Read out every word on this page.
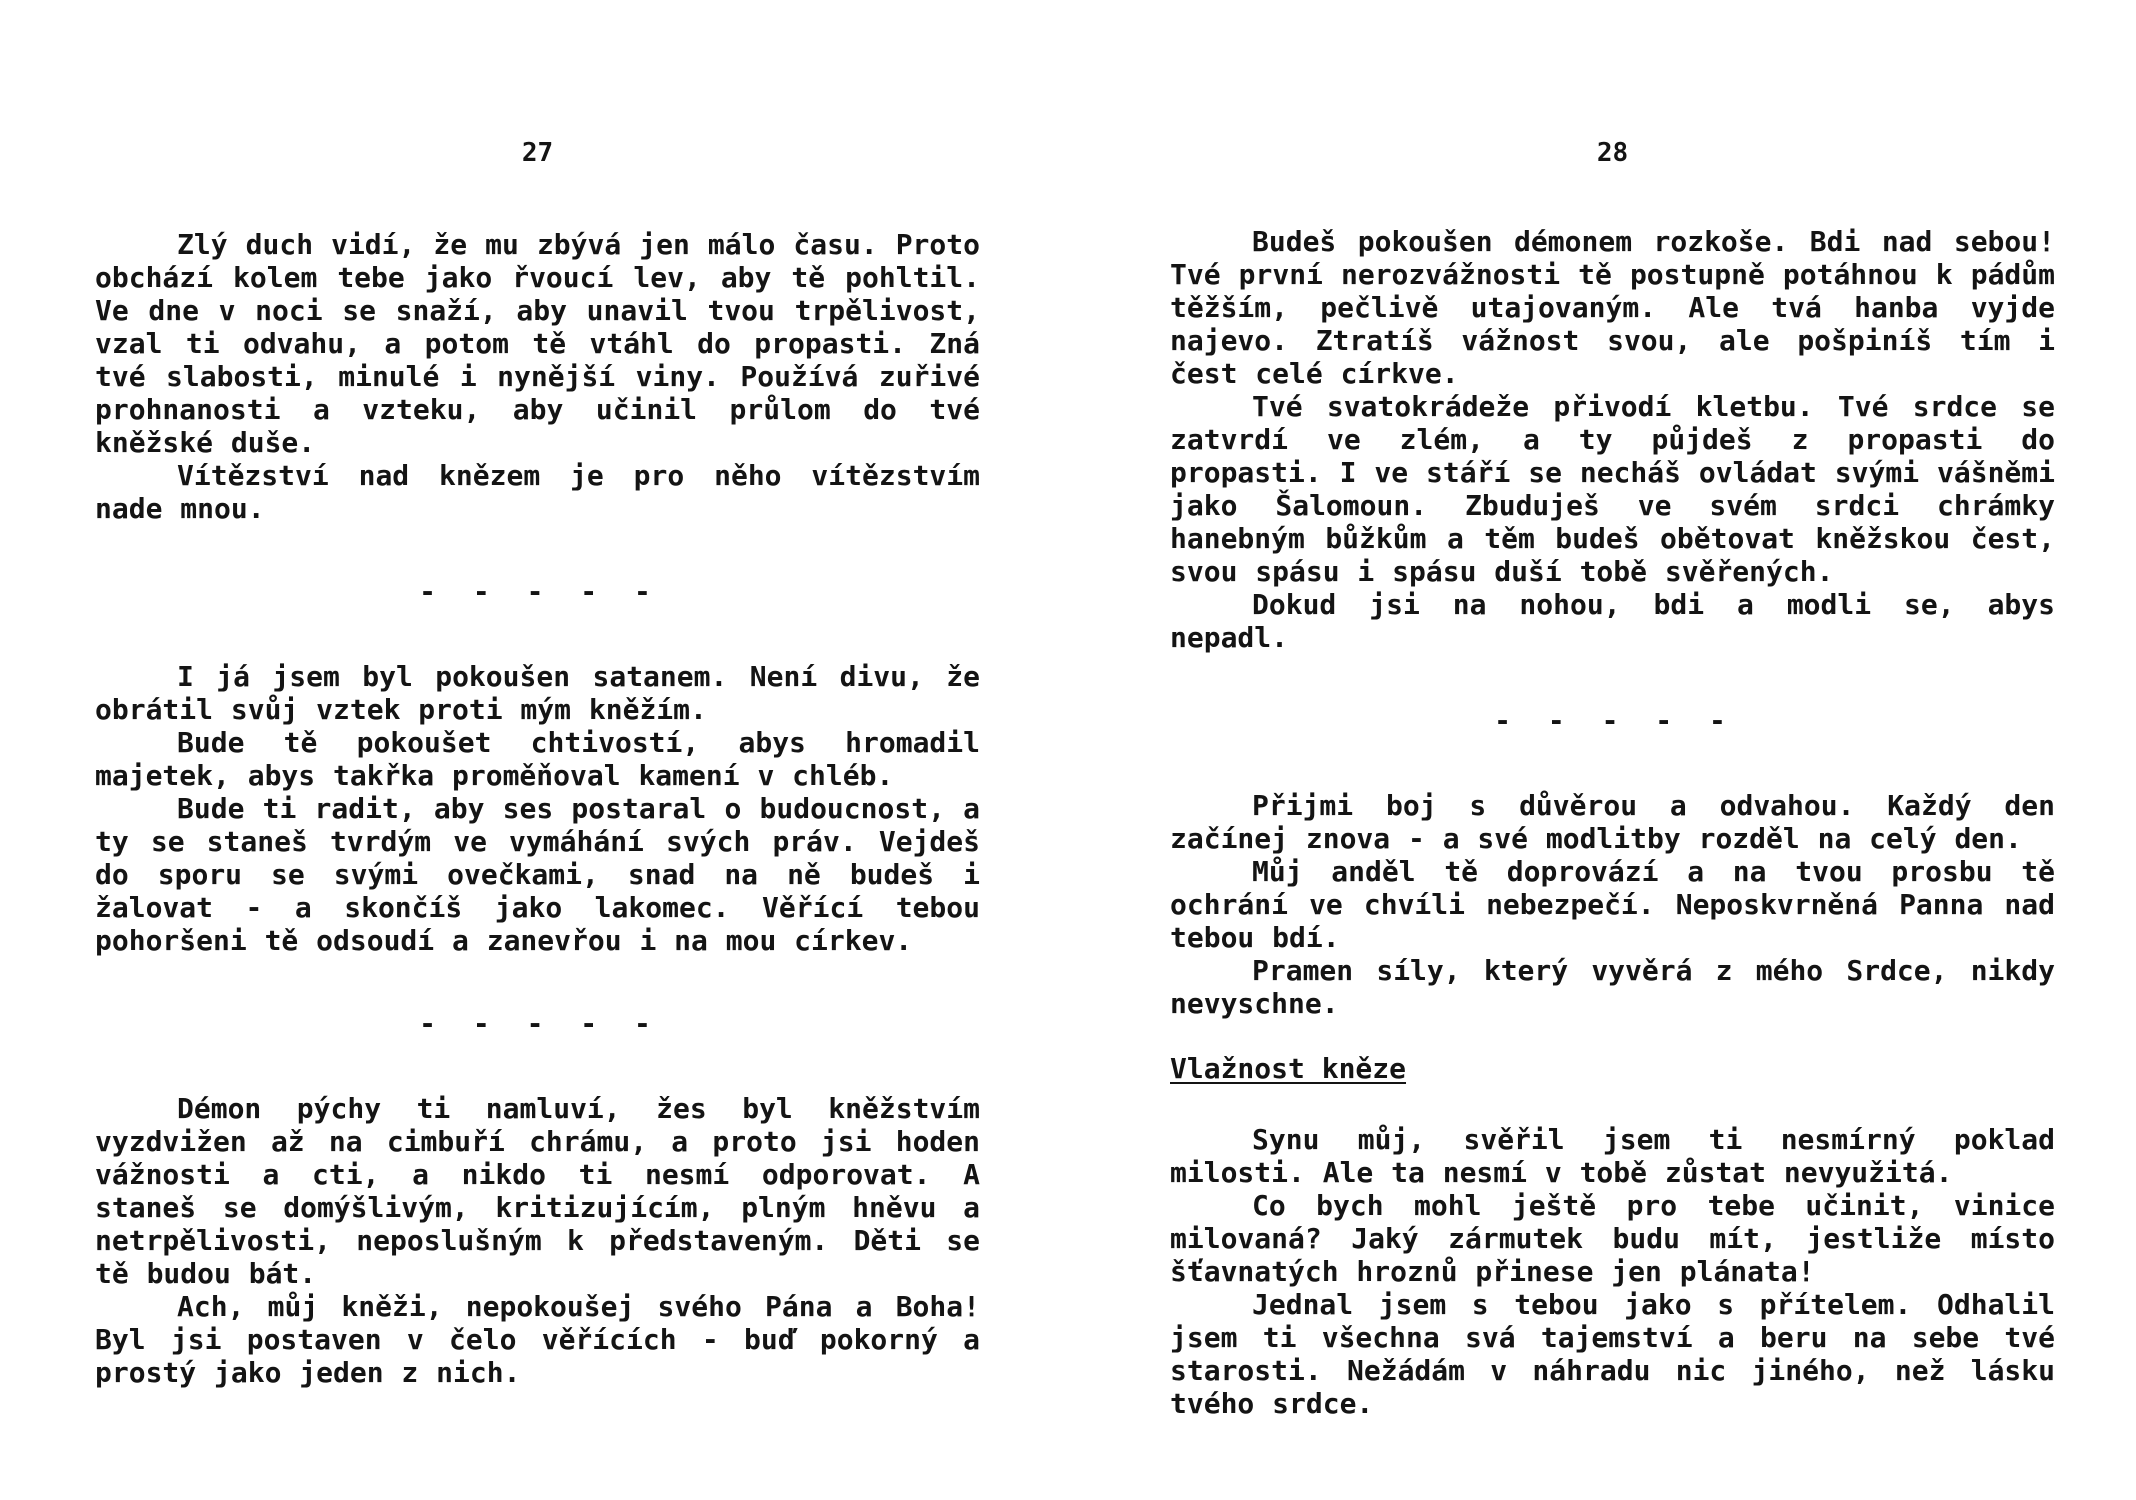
27

Zlý duch vidí, že mu zbývá jen málo času. Proto obchází kolem tebe jako řvoucí lev, aby tě pohltil. Ve dne v noci se snaží, aby unavil tvou trpělivost, vzal ti odvahu, a potom tě vtáhl do propasti. Zná tvé slabosti, minulé i nynější viny. Používá zuřivé prohnanosti a vzteku, aby učinil průlom do tvé kněžské duše.

Vítězství nad knězem je pro něho vítězstvím nade mnou.

- - - - -

I já jsem byl pokoušen satanem. Není divu, že obrátil svůj vztek proti mým kněžím.

Bude tě pokoušet chtivostí, abys hromadil majetek, abys takřka proměňoval kamení v chléb.

Bude ti radit, aby ses postaral o budoucnost, a ty se staneš tvrdým ve vymáhání svých práv. Vejdeš do sporu se svými ovečkami, snad na ně budeš i žalovat - a skončíš jako lakomec. Věřící tebou pohoršeni tě odsoudí a zanevřou i na mou církev.

- - - - -

Démon pýchy ti namluví, žes byl kněžstvím vyzdvižen až na cimbuří chrámu, a proto jsi hoden vážnosti a cti, a nikdo ti nesmí odporovat. A staneš se domýšlivým, kritizujícím, plným hněvu a netrpělivosti, neposlušným k představeným. Děti se tě budou bát.

Ach, můj kněži, nepokoušej svého Pána a Boha! Byl jsi postaven v čelo věřících - buď pokorný a prostý jako jeden z nich.

28

Budeš pokoušen démonem rozkoše. Bdi nad sebou! Tvé první nerozvážnosti tě postupně potáhnou k pádům těžším, pečlivě utajovaným. Ale tvá hanba vyjde najevo. Ztratíš vážnost svou, ale pošpiníš tím i čest celé církve.

Tvé svatokrádeže přivodí kletbu. Tvé srdce se zatvrdí ve zlém, a ty půjdeš z propasti do propasti. I ve stáří se necháš ovládat svými vášněmi jako Šalomoun. Zbuduješ ve svém srdci chrámky hanebným bůžkům a těm budeš obětovat kněžskou čest, svou spásu i spásu duší tobě svěřených.

Dokud jsi na nohou, bdi a modli se, abys nepadl.

- - - - -

Přijmi boj s důvěrou a odvahou. Každý den začínej znova - a své modlitby rozděl na celý den.

Můj anděl tě doprovází a na tvou prosbu tě ochrání ve chvíli nebezpečí. Neposkvrněná Panna nad tebou bdí.

Pramen síly, který vyvěrá z mého Srdce, nikdy nevyschne.

Vlažnost kněze

Synu můj, svěřil jsem ti nesmírný poklad milosti. Ale ta nesmí v tobě zůstat nevyužitá.

Co bych mohl ještě pro tebe učinit, vinice milovaná? Jaký zármutek budu mít, jestliže místo šťavnatých hroznů přinese jen plánata!

Jednal jsem s tebou jako s přítelem. Odhalil jsem ti všechna svá tajemství a beru na sebe tvé starosti. Nežádám v náhradu nic jiného, než lásku tvého srdce.
